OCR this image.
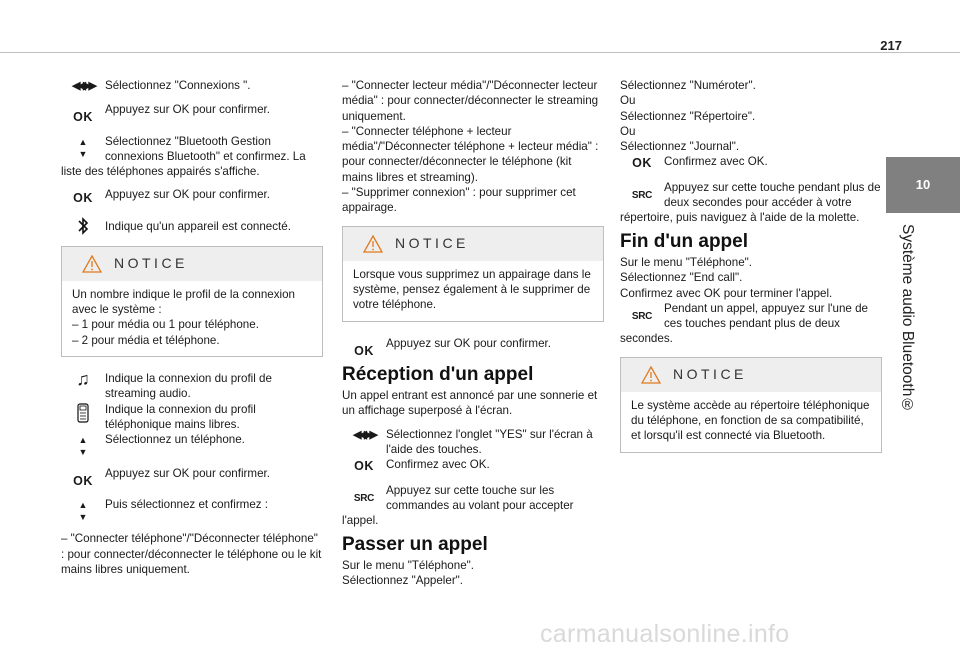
217
10
Système audio Bluetooth®
◀◀ ▶▶ Sélectionnez "Connexions ".
OK
Appuyez sur OK pour confirmer.
▲
▼
Sélectionnez "Bluetooth Gestion connexions Bluetooth" et confirmez. La
liste des téléphones appairés s'affiche.
OK	Appuyez sur OK pour confirmer.
Indique qu'un appareil est connecté.
NOTICE
Un nombre indique le profil de la connexion avec le système :
– 1 pour média ou 1 pour téléphone.
– 2 pour média et téléphone.
♫	Indique la connexion du profil de streaming audio.
Indique la connexion du profil téléphonique mains libres.
▲
▼
Sélectionnez un téléphone.
OK
Appuyez sur OK pour confirmer.
▲
▼
Puis sélectionnez et confirmez :
– "Connecter téléphone"/"Déconnecter téléphone" : pour connecter/déconnecter le téléphone ou le kit mains libres uniquement.
– "Connecter lecteur média"/"Déconnecter lecteur média" : pour connecter/déconnecter le streaming uniquement.
– "Connecter téléphone + lecteur média"/"Déconnecter téléphone + lecteur média" : pour connecter/déconnecter le téléphone (kit mains libres et streaming).
– "Supprimer connexion" : pour supprimer cet appairage.
NOTICE
Lorsque vous supprimez un appairage dans le système, pensez également à le supprimer de votre téléphone.
OK
Appuyez sur OK pour confirmer.
Réception d'un appel
Un appel entrant est annoncé par une sonnerie et un affichage superposé à l'écran.
◀◀ ▶▶ Sélectionnez l'onglet "YES" sur l'écran à l'aide des touches.
OK	Confirmez avec OK.
SRC
Appuyez sur cette touche sur les commandes au volant pour accepter
l'appel.
Passer un appel
Sur le menu "Téléphone".
Sélectionnez "Appeler".
Sélectionnez "Numéroter".
Ou
Sélectionnez "Répertoire".
Ou
Sélectionnez "Journal".
OK	Confirmez avec OK.
SRC
Appuyez sur cette touche pendant plus de deux secondes pour accéder à votre
répertoire, puis naviguez à l'aide de la molette.
Fin d'un appel
Sur le menu "Téléphone".
Sélectionnez "End call".
Confirmez avec OK pour terminer l'appel.
SRC
Pendant un appel, appuyez sur l'une de ces touches pendant plus de deux
secondes.
NOTICE
Le système accède au répertoire téléphonique du téléphone, en fonction de sa compatibilité, et lorsqu'il est connecté via Bluetooth.
carmanualsonline.info
